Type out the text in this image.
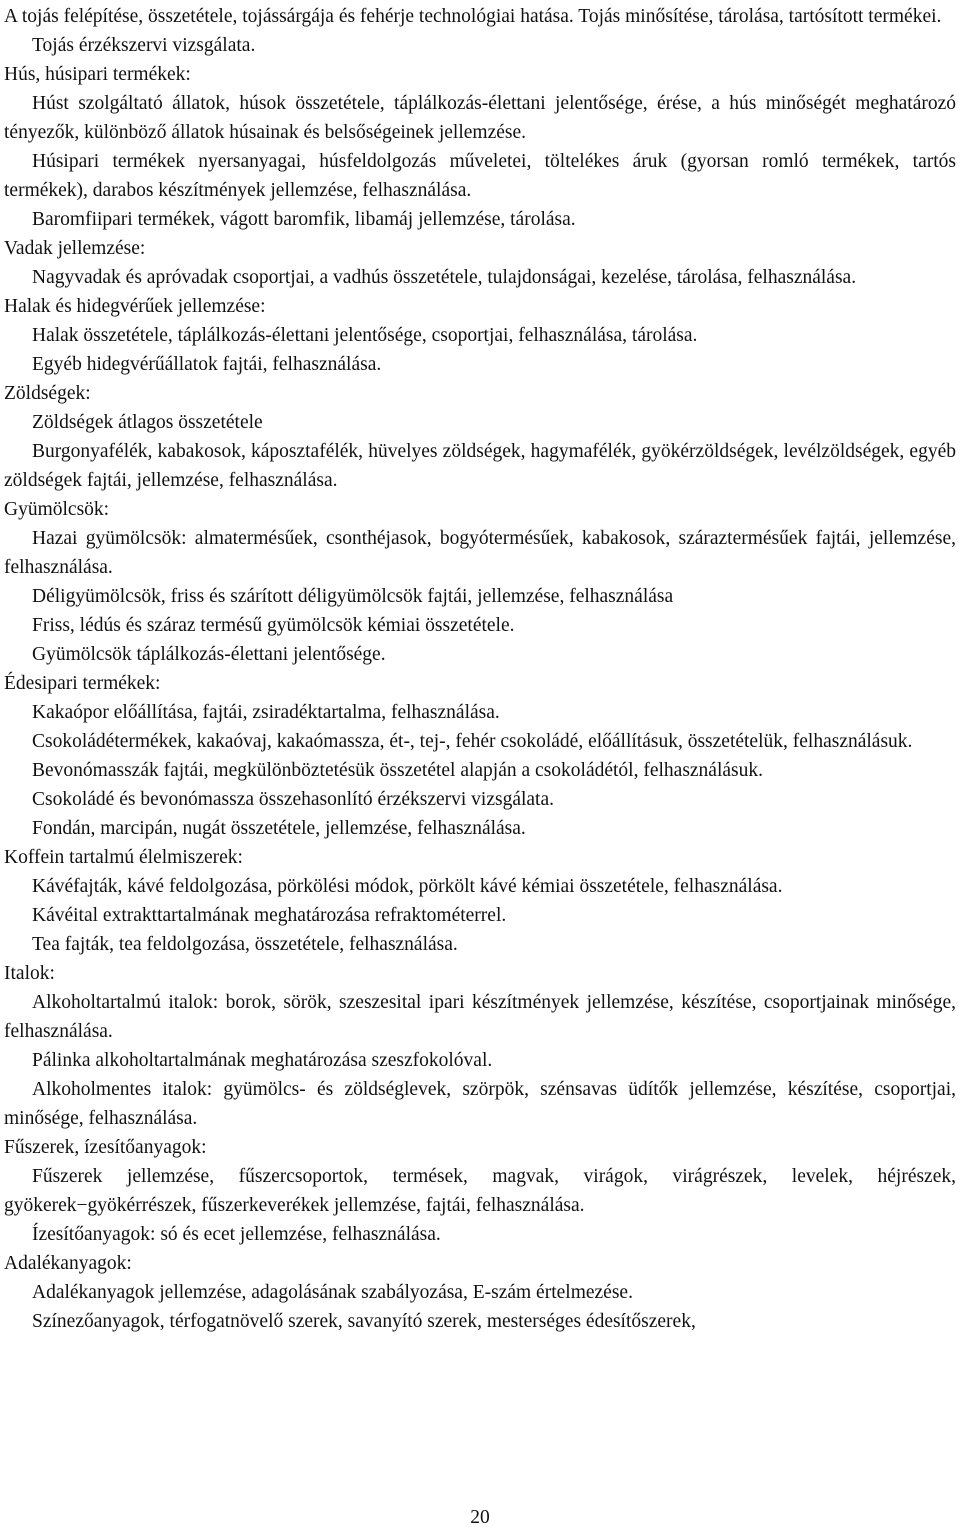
A tojás felépítése, összetétele, tojássárgája és fehérje technológiai hatása. Tojás minősítése, tárolása, tartósított termékei.

Tojás érzékszervi vizsgálata.

Hús, húsipari termékek:

Húst szolgáltató állatok, húsok összetétele, táplálkozás-élettani jelentősége, érése, a hús minőségét meghatározó tényezők, különböző állatok húsainak és belsőségeinek jellemzése.

Húsipari termékek nyersanyagai, húsfeldolgozás műveletei, töltelékes áruk (gyorsan romló termékek, tartós termékek), darabos készítmények jellemzése, felhasználása.

Baromfiipari termékek, vágott baromfik, libamáj jellemzése, tárolása.

Vadak jellemzése:

Nagyvadak és apróvadak csoportjai, a vadhús összetétele, tulajdonságai, kezelése, tárolása, felhasználása.

Halak és hidegvérűek jellemzése:

Halak összetétele, táplálkozás-élettani jelentősége, csoportjai, felhasználása, tárolása.

Egyéb hidegvérűállatok fajtái, felhasználása.

Zöldségek:

Zöldségek átlagos összetétele

Burgonyafélék, kabakosok, káposztafélék, hüvelyes zöldségek, hagymafélék, gyökérzöldségek, levélzöldségek, egyéb zöldségek fajtái, jellemzése, felhasználása.

Gyümölcsök:

Hazai gyümölcsök: almatermésűek, csonthéjasok, bogyótermésűek, kabakosok, száraztermésűek fajtái, jellemzése, felhasználása.

Déligyümölcsök, friss és szárított déligyümölcsök fajtái, jellemzése, felhasználása

Friss, lédús és száraz termésű gyümölcsök kémiai összetétele.

Gyümölcsök táplálkozás-élettani jelentősége.

Édesipari termékek:

Kakaópor előállítása, fajtái, zsiradéktartalma, felhasználása.

Csokoládétermékek, kakaóvaj, kakaómassza, ét-, tej-, fehér csokoládé, előállításuk, összetételük, felhasználásuk.

Bevonómasszák fajtái, megkülönböztetésük összetétel alapján a csokoládétól, felhasználásuk.

Csokoládé és bevonómassza összehasonlító érzékszervi vizsgálata.

Fondán, marcipán, nugát összetétele, jellemzése, felhasználása.

Koffein tartalmú élelmiszerek:

Kávéfajták, kávé feldolgozása, pörkölési módok, pörkölt kávé kémiai összetétele, felhasználása.

Kávéital extrakttartalmának meghatározása refraktométerrel.

Tea fajták, tea feldolgozása, összetétele, felhasználása.

Italok:

Alkoholtartalmú italok: borok, sörök, szeszesital ipari készítmények jellemzése, készítése, csoportjainak minősége, felhasználása.

Pálinka alkoholtartalmának meghatározása szeszfokolóval.

Alkoholmentes italok: gyümölcs- és zöldséglevek, szörpök, szénsavas üdítők jellemzése, készítése, csoportjai, minősége, felhasználása.

Fűszerek, ízesítőanyagok:

Fűszerek jellemzése, fűszercsoportok, termések, magvak, virágok, virágrészek, levelek, héjrészek, gyökerek−gyökérrészek, fűszerkeverékek jellemzése, fajtái, felhasználása.

Ízesítőanyagok: só és ecet jellemzése, felhasználása.

Adalékanyagok:

Adalékanyagok jellemzése, adagolásának szabályozása, E-szám értelmezése.

Színezőanyagok, térfogatnövelő szerek, savanyító szerek, mesterséges édesítőszerek,

20
